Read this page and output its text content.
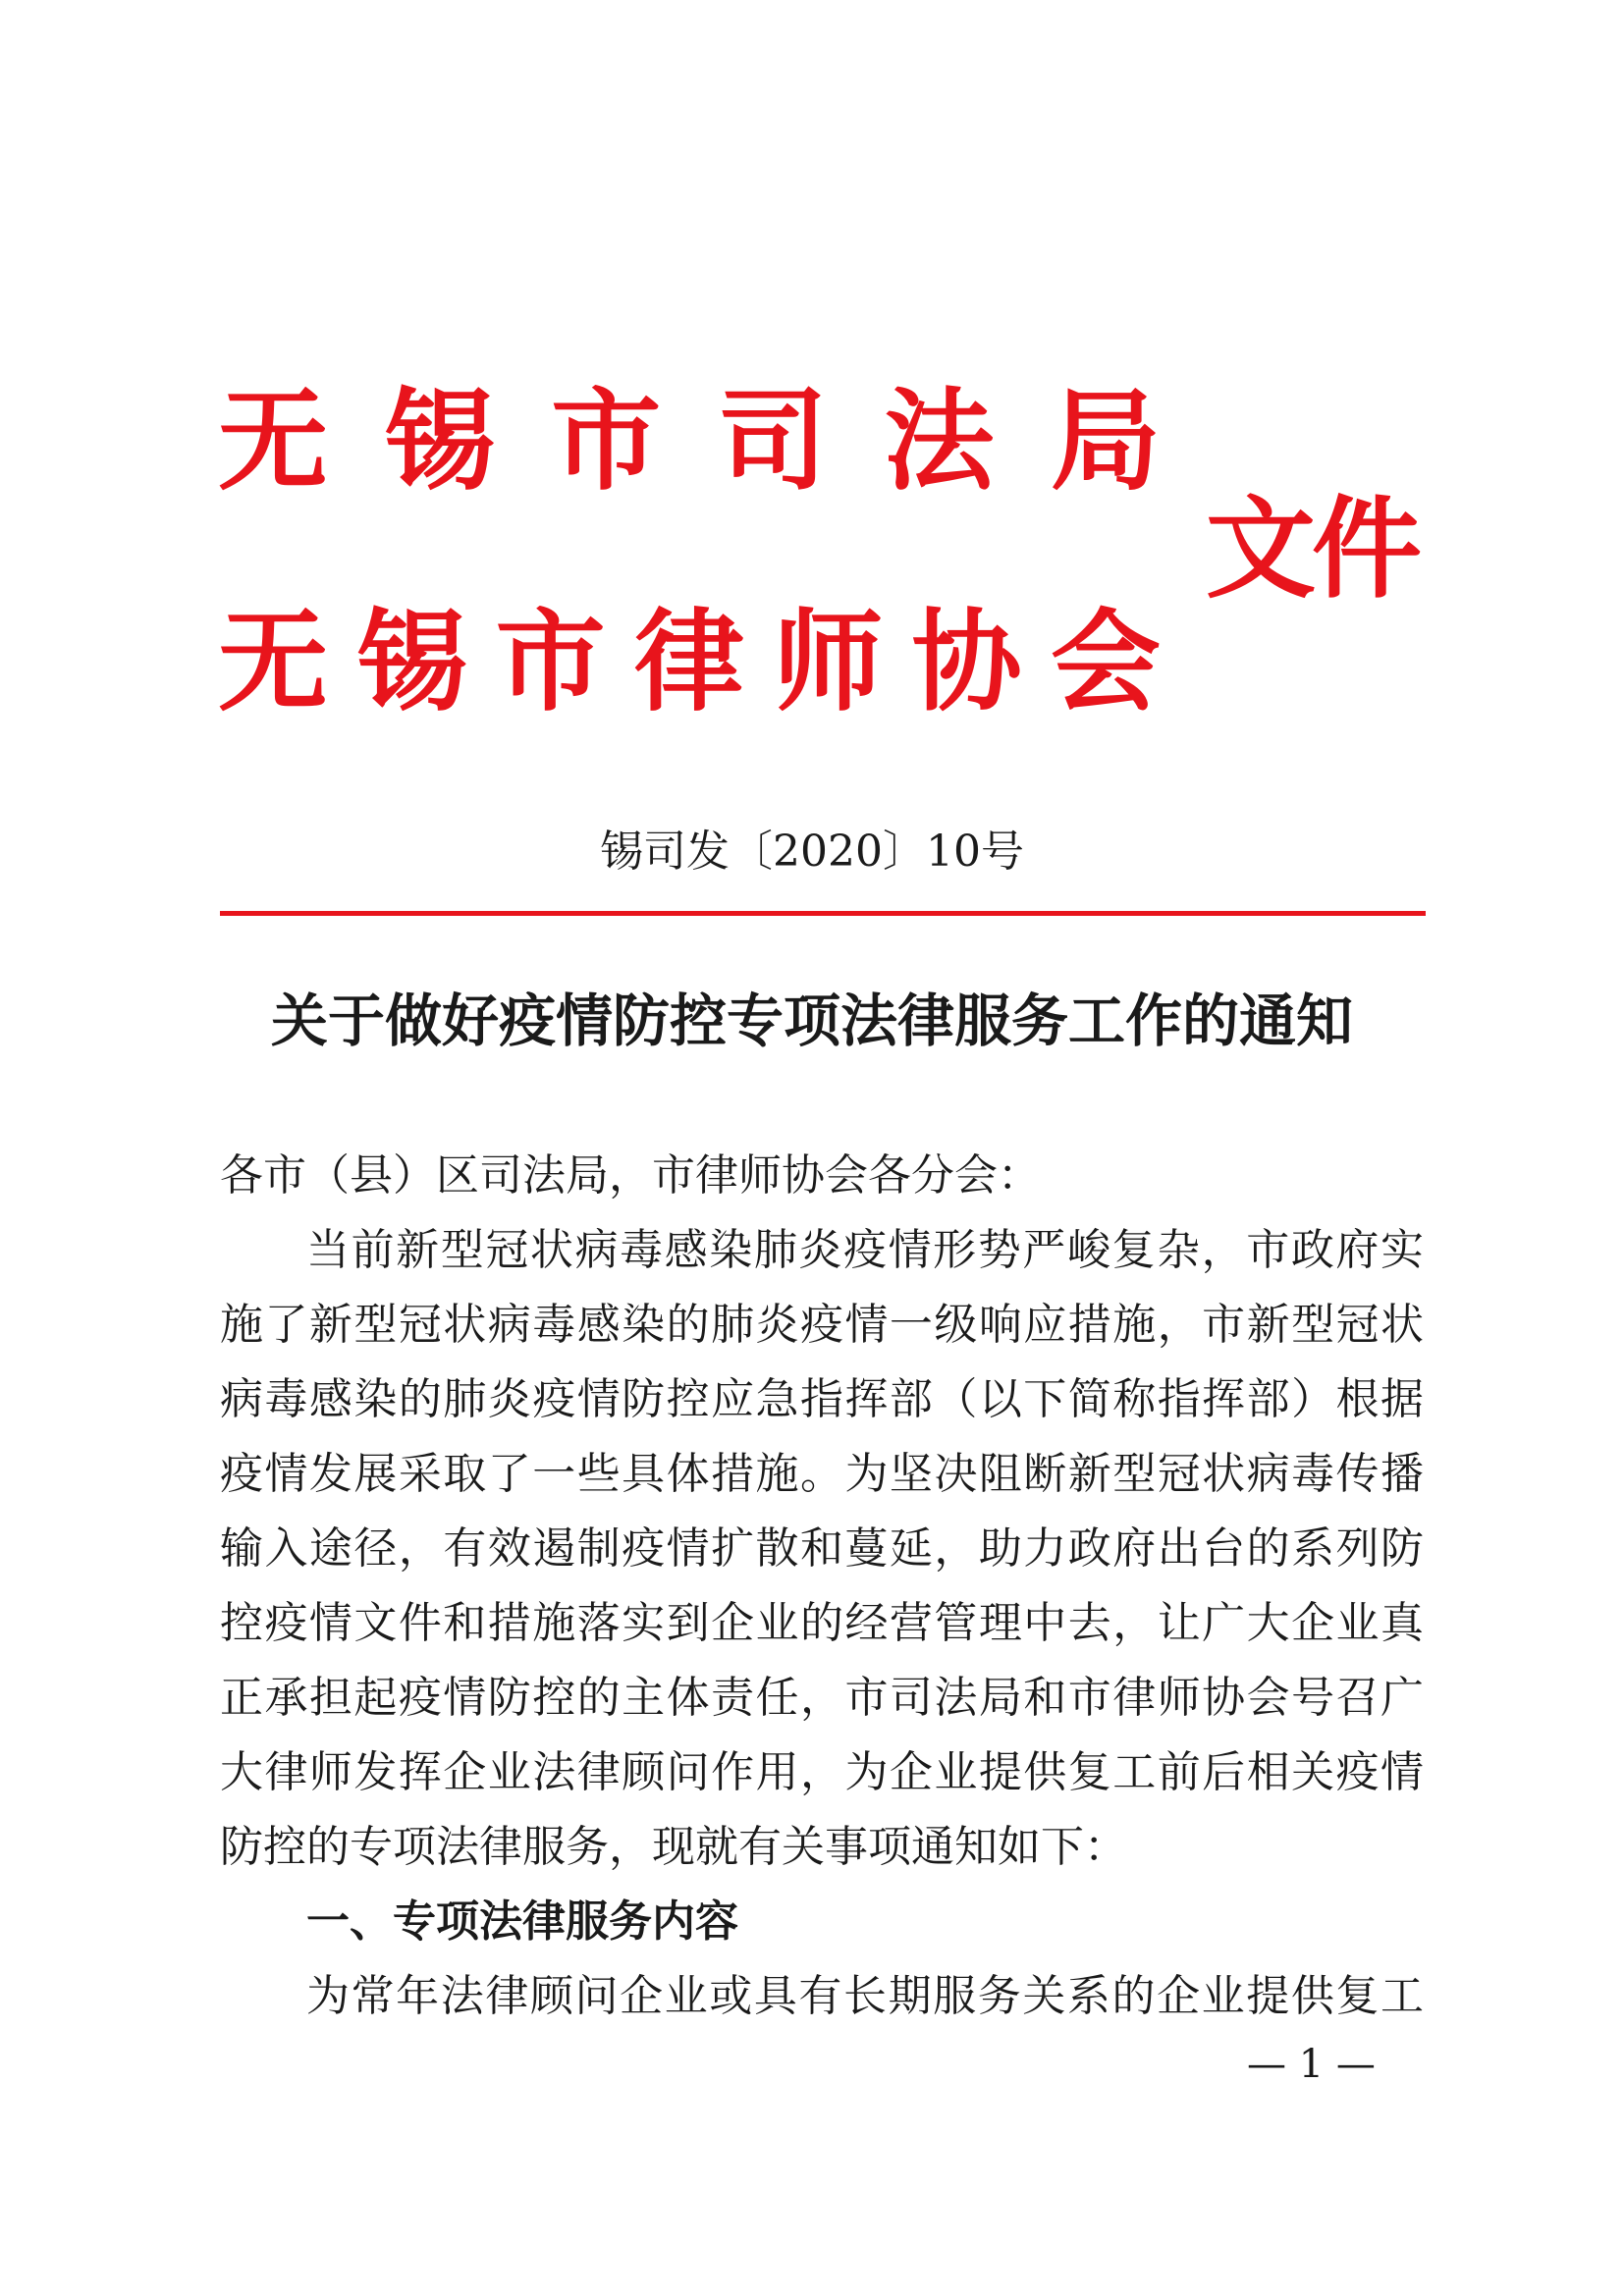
无 锡 市 司 法 局
无 锡 市 律 师 协 会
文件
锡司发〔2020〕10号
关于做好疫情防控专项法律服务工作的通知
各市（县）区司法局，市律师协会各分会：
当前新型冠状病毒感染肺炎疫情形势严峻复杂，市政府实
施了新型冠状病毒感染的肺炎疫情一级响应措施，市新型冠状
病毒感染的肺炎疫情防控应急指挥部（以下简称指挥部）根据
疫情发展采取了一些具体措施。为坚决阻断新型冠状病毒传播
输入途径，有效遏制疫情扩散和蔓延，助力政府出台的系列防
控疫情文件和措施落实到企业的经营管理中去，让广大企业真
正承担起疫情防控的主体责任，市司法局和市律师协会号召广
大律师发挥企业法律顾问作用，为企业提供复工前后相关疫情
防控的专项法律服务，现就有关事项通知如下：
一、专项法律服务内容
为常年法律顾问企业或具有长期服务关系的企业提供复工
— 1 —
